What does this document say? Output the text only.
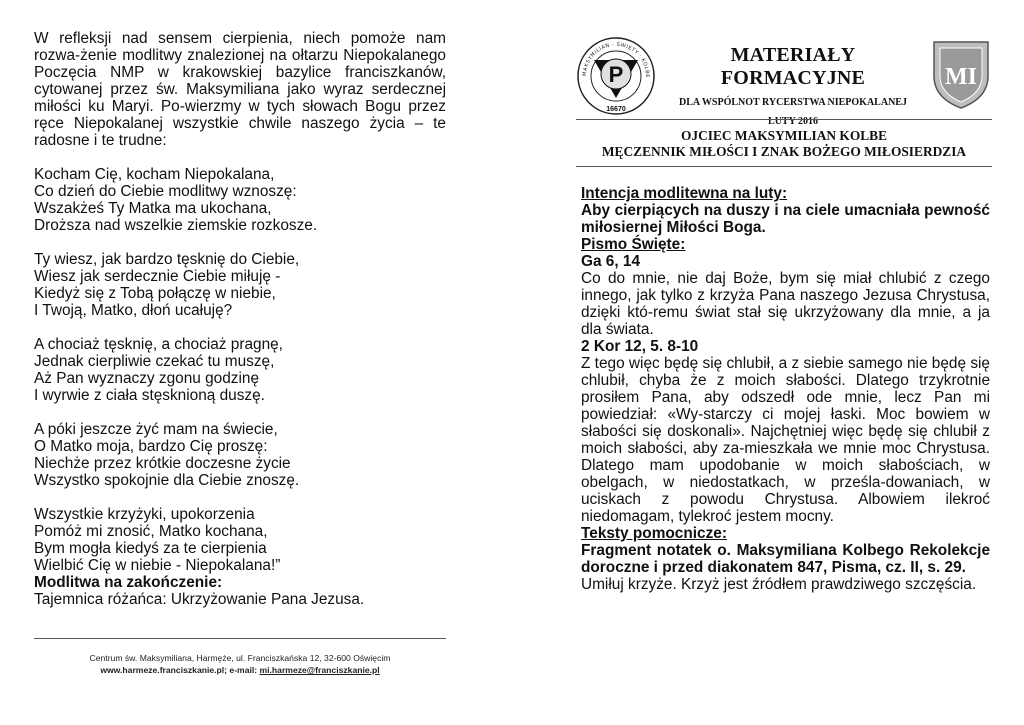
W refleksji nad sensem cierpienia, niech pomoże nam rozwa-żenie modlitwy znalezionej na ołtarzu Niepokalanego Poczęcia NMP w krakowskiej bazylice franciszkanów, cytowanej przez św. Maksymiliana jako wyraz serdecznej miłości ku Maryi. Po-wierzmy w tych słowach Bogu przez ręce Niepokalanej wszystkie chwile naszego życia – te radosne i te trudne:

Kocham Cię, kocham Niepokalana,
Co dzień do Ciebie modlitwy wznoszę:
Wszakżeś Ty Matka ma ukochana,
Droższa nad wszelkie ziemskie rozkosze.
Ty wiesz, jak bardzo tęsknię do Ciebie,
Wiesz jak serdecznie Ciebie miłuję -
Kiedyż się z Tobą połączę w niebie,
I Twoją, Matko, dłoń ucałuję?
A chociaż tęsknię, a chociaż pragnę,
Jednak cierpliwie czekać tu muszę,
Aż Pan wyznaczy zgonu godzinę
I wyrwie z ciała stęsknioną duszę.
A póki jeszcze żyć mam na świecie,
O Matko moja, bardzo Cię proszę:
Niechże przez krótkie doczesne życie
Wszystko spokojnie dla Ciebie znoszę.
Wszystkie krzyżyki, upokorzenia
Pomóż mi znosić, Matko kochana,
Bym mogła kiedyś za te cierpienia
Wielbić Cię w niebie - Niepokalana!”

Modlitwa na zakończenie:

Tajemnica różańca: Ukrzyżowanie Pana Jezusa.

Centrum św. Maksymiliana, Harmęże, ul. Franciszkańska 12, 32-600 Oświęcim
www.harmeze.franciszkanie.pl; e-mail: mi.harmeze@franciszkanie.pl
MAKSYMILIAN · ŚWIĘTY · KOLBE
P
16670
MATERIAŁY FORMACYJNE
DLA WSPÓLNOT RYCERSTWA NIEPOKALANEJ
LUTY 2016
MI
OJCIEC MAKSYMILIAN KOLBE
MĘCZENNIK MIŁOŚCI I ZNAK BOŻEGO MIŁOSIERDZIA

Intencja modlitewna na luty:

Aby cierpiących na duszy i na ciele umacniała pewność miłosiernej Miłości Boga.

Pismo Święte:

Ga 6, 14

Co do mnie, nie daj Boże, bym się miał chlubić z czego innego, jak tylko z krzyża Pana naszego Jezusa Chrystusa, dzięki któ-remu świat stał się ukrzyżowany dla mnie, a ja dla świata.

2 Kor 12, 5. 8-10

Z tego więc będę się chlubił, a z siebie samego nie będę się chlubił, chyba że z moich słabości. Dlatego trzykrotnie prosiłem Pana, aby odszedł ode mnie, lecz Pan mi powiedział: «Wy-starczy ci mojej łaski. Moc bowiem w słabości się doskonali». Najchętniej więc będę się chlubił z moich słabości, aby za-mieszkała we mnie moc Chrystusa. Dlatego mam upodobanie w moich słabościach, w obelgach, w niedostatkach, w prześla-dowaniach, w uciskach z powodu Chrystusa. Albowiem ilekroć niedomagam, tylekroć jestem mocny.

Teksty pomocnicze:

Fragment notatek o. Maksymiliana Kolbego Rekolekcje doroczne i przed diakonatem 847, Pisma, cz. II, s. 29.

Umiłuj krzyże. Krzyż jest źródłem prawdziwego szczęścia.
